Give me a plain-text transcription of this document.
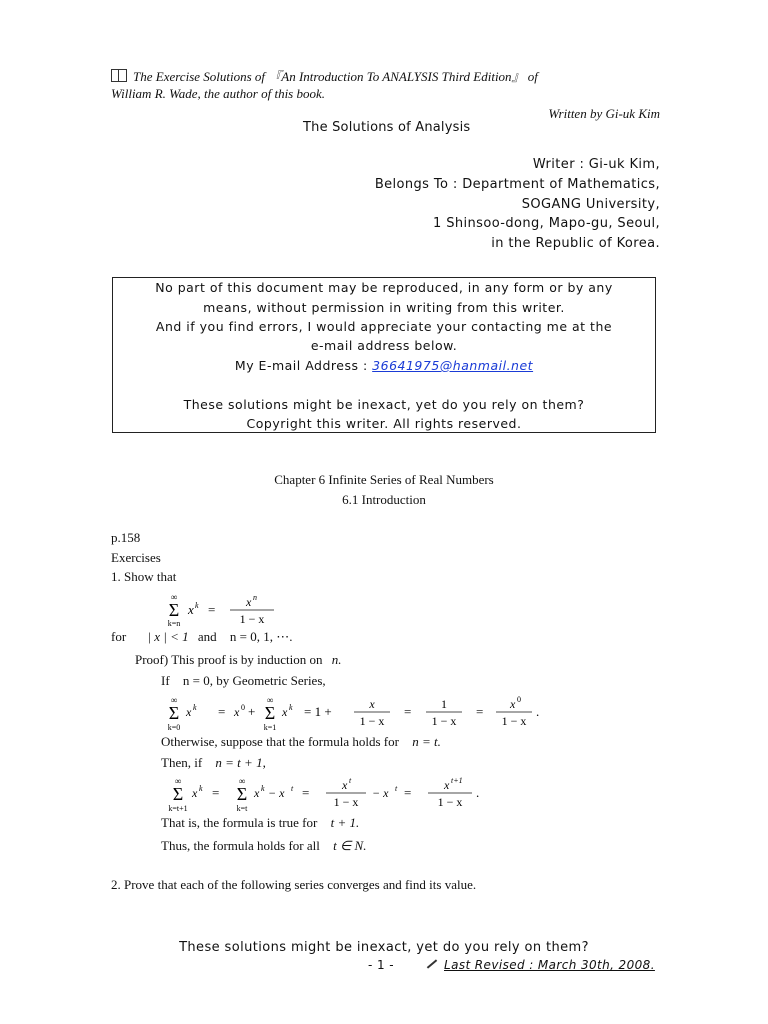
The Exercise Solutions of 『An Introduction To ANALYSIS Third Edition』 of
William R. Wade, the author of this book.
Written by Gi-uk Kim
The Solutions of Analysis
Writer : Gi-uk Kim,
Belongs To : Department of Mathematics,
SOGANG University,
1 Shinsoo-dong, Mapo-gu, Seoul,
in the Republic of Korea.
No part of this document may be reproduced, in any form or by any
means, without permission in writing from this writer.
And if you find errors, I would appreciate your contacting me at the
e-mail address below.
My E-mail Address : 36641975@hanmail.net
These solutions might be inexact, yet do you rely on them?
Copyright this writer. All rights reserved.
Chapter 6 Infinite Series of Real Numbers
6.1 Introduction
p.158
Exercises
1. Show that
∞
Σ
k=n
x k =	x n
1 − x
for | x | < 1 and n = 0, 1, ⋯.
Proof) This proof is by induction on n.
If n = 0, by Geometric Series,
∞
Σ
k=0
x k = x 0 +
∞
Σ
k=1
x k = 1 +	x
1 − x
= 1
1 − x
= x 0
1 − x
.
Otherwise, suppose that the formula holds for n = t.
Then, if n = t + 1,
∞
Σ
k=t+1
x k =
∞
Σ
k=t
x k − x t =	x t
1 − x
− x t =	x t+1
1 − x
.
That is, the formula is true for t + 1.
Thus, the formula holds for all t ∈ N.
2. Prove that each of the following series converges and find its value.
These solutions might be inexact, yet do you rely on them?
- 1 -	Last Revised : March 30th, 2008.
